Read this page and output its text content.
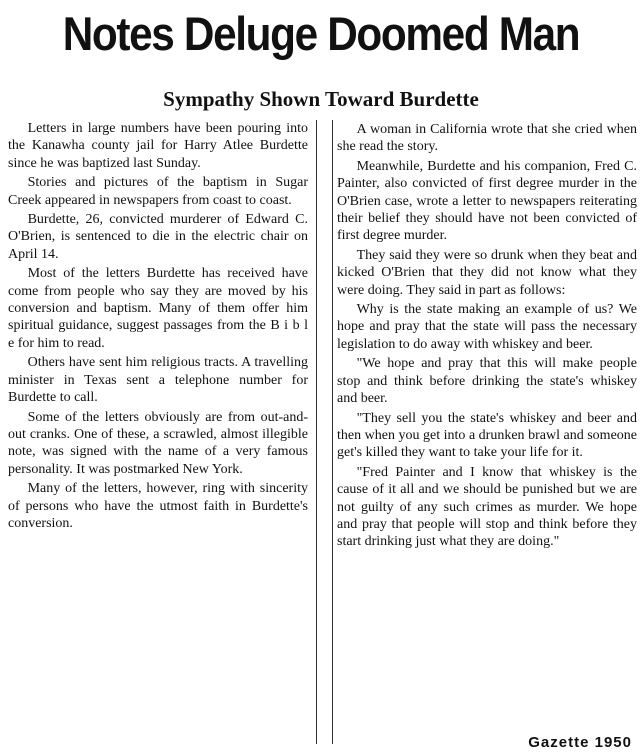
Notes Deluge Doomed Man
Sympathy Shown Toward Burdette

Letters in large numbers have been pouring into the Kanawha county jail for Harry Atlee Burdette since he was baptized last Sunday.

Stories and pictures of the baptism in Sugar Creek appeared in newspapers from coast to coast.

Burdette, 26, convicted murderer of Edward C. O'Brien, is sentenced to die in the electric chair on April 14.

Most of the letters Burdette has received have come from people who say they are moved by his conversion and baptism. Many of them offer him spiritual guidance, suggest passages from the B i b l e for him to read.

Others have sent him religious tracts. A travelling minister in Texas sent a telephone number for Burdette to call.

Some of the letters obviously are from out-and-out cranks. One of these, a scrawled, almost illegible note, was signed with the name of a very famous personality. It was postmarked New York.

Many of the letters, however, ring with sincerity of persons who have the utmost faith in Burdette's conversion.

A woman in California wrote that she cried when she read the story.

Meanwhile, Burdette and his companion, Fred C. Painter, also convicted of first degree murder in the O'Brien case, wrote a letter to newspapers reiterating their belief they should have not been convicted of first degree murder.

They said they were so drunk when they beat and kicked O'Brien that they did not know what they were doing. They said in part as follows:

Why is the state making an example of us? We hope and pray that the state will pass the necessary legislation to do away with whiskey and beer.

"We hope and pray that this will make people stop and think before drinking the state's whiskey and beer.

"They sell you the state's whiskey and beer and then when you get into a drunken brawl and someone get's killed they want to take your life for it.

"Fred Painter and I know that whiskey is the cause of it all and we should be punished but we are not guilty of any such crimes as murder. We hope and pray that people will stop and think before they start drinking just what they are doing."

Gazette 1950
